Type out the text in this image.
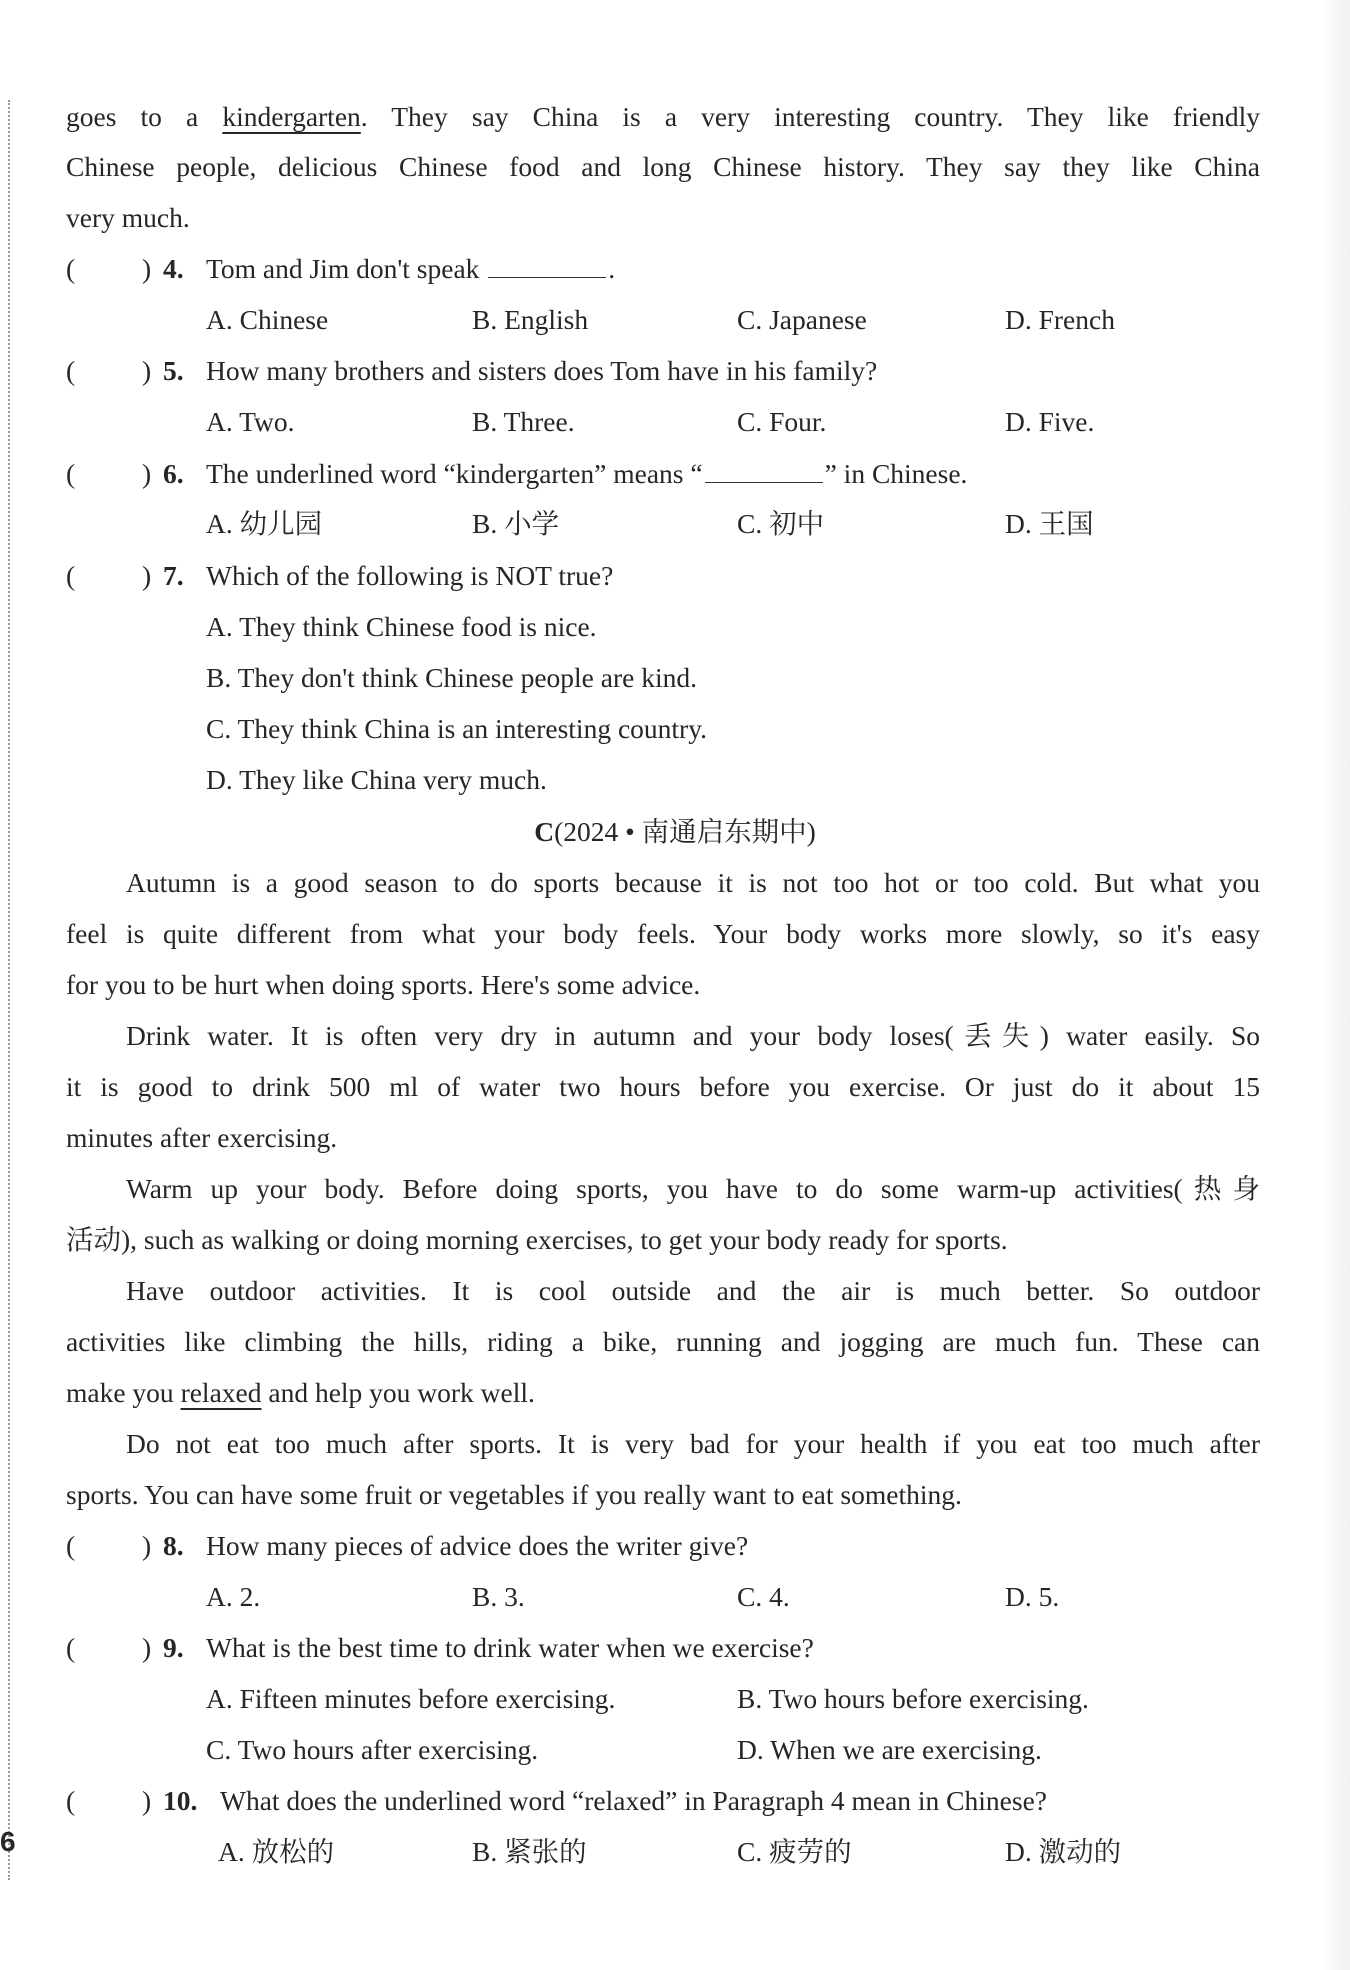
goes to a kindergarten. They say China is a very interesting country. They like friendly
Chinese people, delicious Chinese food and long Chinese history. They say they like China
very much.
( ) 4. Tom and Jim don't speak	.
A. Chinese	B. English	C. Japanese	D. French
( ) 5. How many brothers and sisters does Tom have in his family?
A. Two.	B. Three.	C. Four.	D. Five.
( ) 6. The underlined word “kindergarten” means “	” in Chinese.
A. 幼儿园	B. 小学	C. 初中	D. 王国
( ) 7. Which of the following is NOT true?
A. They think Chinese food is nice.
B. They don't think Chinese people are kind.
C. They think China is an interesting country.
D. They like China very much.
C(2024 • 南通启东期中)
Autumn is a good season to do sports because it is not too hot or too cold. But what you
feel is quite different from what your body feels. Your body works more slowly, so it's easy
for you to be hurt when doing sports. Here's some advice.
Drink water. It is often very dry in autumn and your body loses(丢失) water easily. So
it is good to drink 500 ml of water two hours before you exercise. Or just do it about 15
minutes after exercising.
Warm up your body. Before doing sports, you have to do some warm-up activities(热身
活动), such as walking or doing morning exercises, to get your body ready for sports.
Have outdoor activities. It is cool outside and the air is much better. So outdoor
activities like climbing the hills, riding a bike, running and jogging are much fun. These can
make you relaxed and help you work well.
Do not eat too much after sports. It is very bad for your health if you eat too much after
sports. You can have some fruit or vegetables if you really want to eat something.
( ) 8. How many pieces of advice does the writer give?
A. 2.	B. 3.	C. 4.	D. 5.
( ) 9. What is the best time to drink water when we exercise?
A. Fifteen minutes before exercising.	B. Two hours before exercising.
C. Two hours after exercising.	D. When we are exercising.
( ) 10. What does the underlined word “relaxed” in Paragraph 4 mean in Chinese?
A. 放松的	B. 紧张的	C. 疲劳的	D. 激动的
6
